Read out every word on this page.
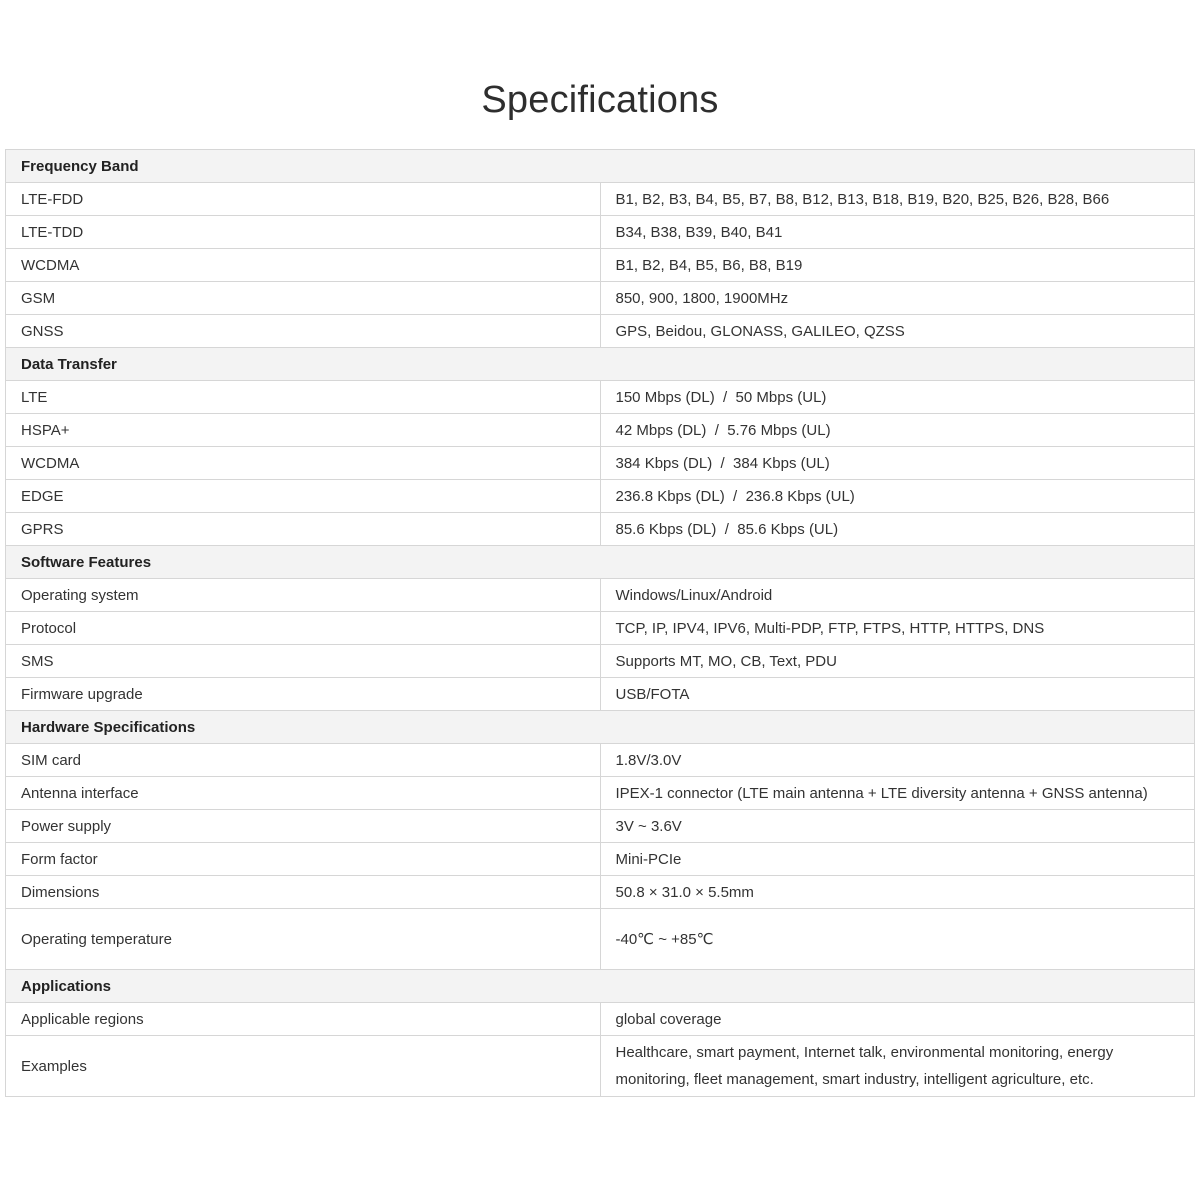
Specifications
Frequency Band	
LTE-FDD	B1, B2, B3, B4, B5, B7, B8, B12, B13, B18, B19, B20, B25, B26, B28, B66
LTE-TDD	B34, B38, B39, B40, B41
WCDMA	B1, B2, B4, B5, B6, B8, B19
GSM	850, 900, 1800, 1900MHz
GNSS	GPS, Beidou, GLONASS, GALILEO, QZSS
Data Transfer	
LTE	150 Mbps (DL)  /  50 Mbps (UL)
HSPA+	42 Mbps (DL)  /  5.76 Mbps (UL)
WCDMA	384 Kbps (DL)  /  384 Kbps (UL)
EDGE	236.8 Kbps (DL)  /  236.8 Kbps (UL)
GPRS	85.6 Kbps (DL)  /  85.6 Kbps (UL)
Software Features	
Operating system	Windows/Linux/Android
Protocol	TCP, IP, IPV4, IPV6, Multi-PDP, FTP, FTPS, HTTP, HTTPS, DNS
SMS	Supports MT, MO, CB, Text, PDU
Firmware upgrade	USB/FOTA
Hardware Specifications	
SIM card	1.8V/3.0V
Antenna interface	IPEX-1 connector (LTE main antenna + LTE diversity antenna + GNSS antenna)
Power supply	3V ~ 3.6V
Form factor	Mini-PCIe
Dimensions	50.8 × 31.0 × 5.5mm
Operating temperature	-40℃ ~ +85℃
Applications	
Applicable regions	global coverage
Examples	Healthcare, smart payment, Internet talk, environmental monitoring, energy monitoring, fleet management, smart industry, intelligent agriculture, etc.
